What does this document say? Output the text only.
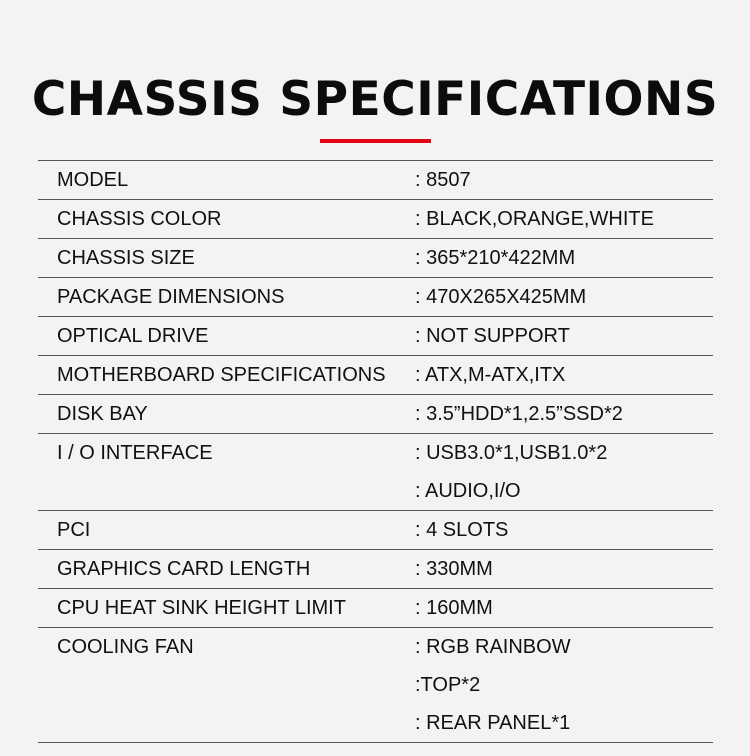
CHASSIS SPECIFICATIONS
MODEL	: 8507
CHASSIS COLOR	: BLACK,ORANGE,WHITE
CHASSIS SIZE	: 365*210*422MM
PACKAGE DIMENSIONS	: 470X265X425MM
OPTICAL DRIVE	: NOT SUPPORT
MOTHERBOARD SPECIFICATIONS	: ATX,M-ATX,ITX
DISK BAY	: 3.5”HDD*1,2.5”SSD*2
I / O INTERFACE	: USB3.0*1,USB1.0*2
: AUDIO,I/O
PCI	: 4 SLOTS
GRAPHICS CARD LENGTH	: 330MM
CPU HEAT SINK HEIGHT LIMIT	: 160MM
COOLING FAN	: RGB RAINBOW
:TOP*2
: REAR PANEL*1
